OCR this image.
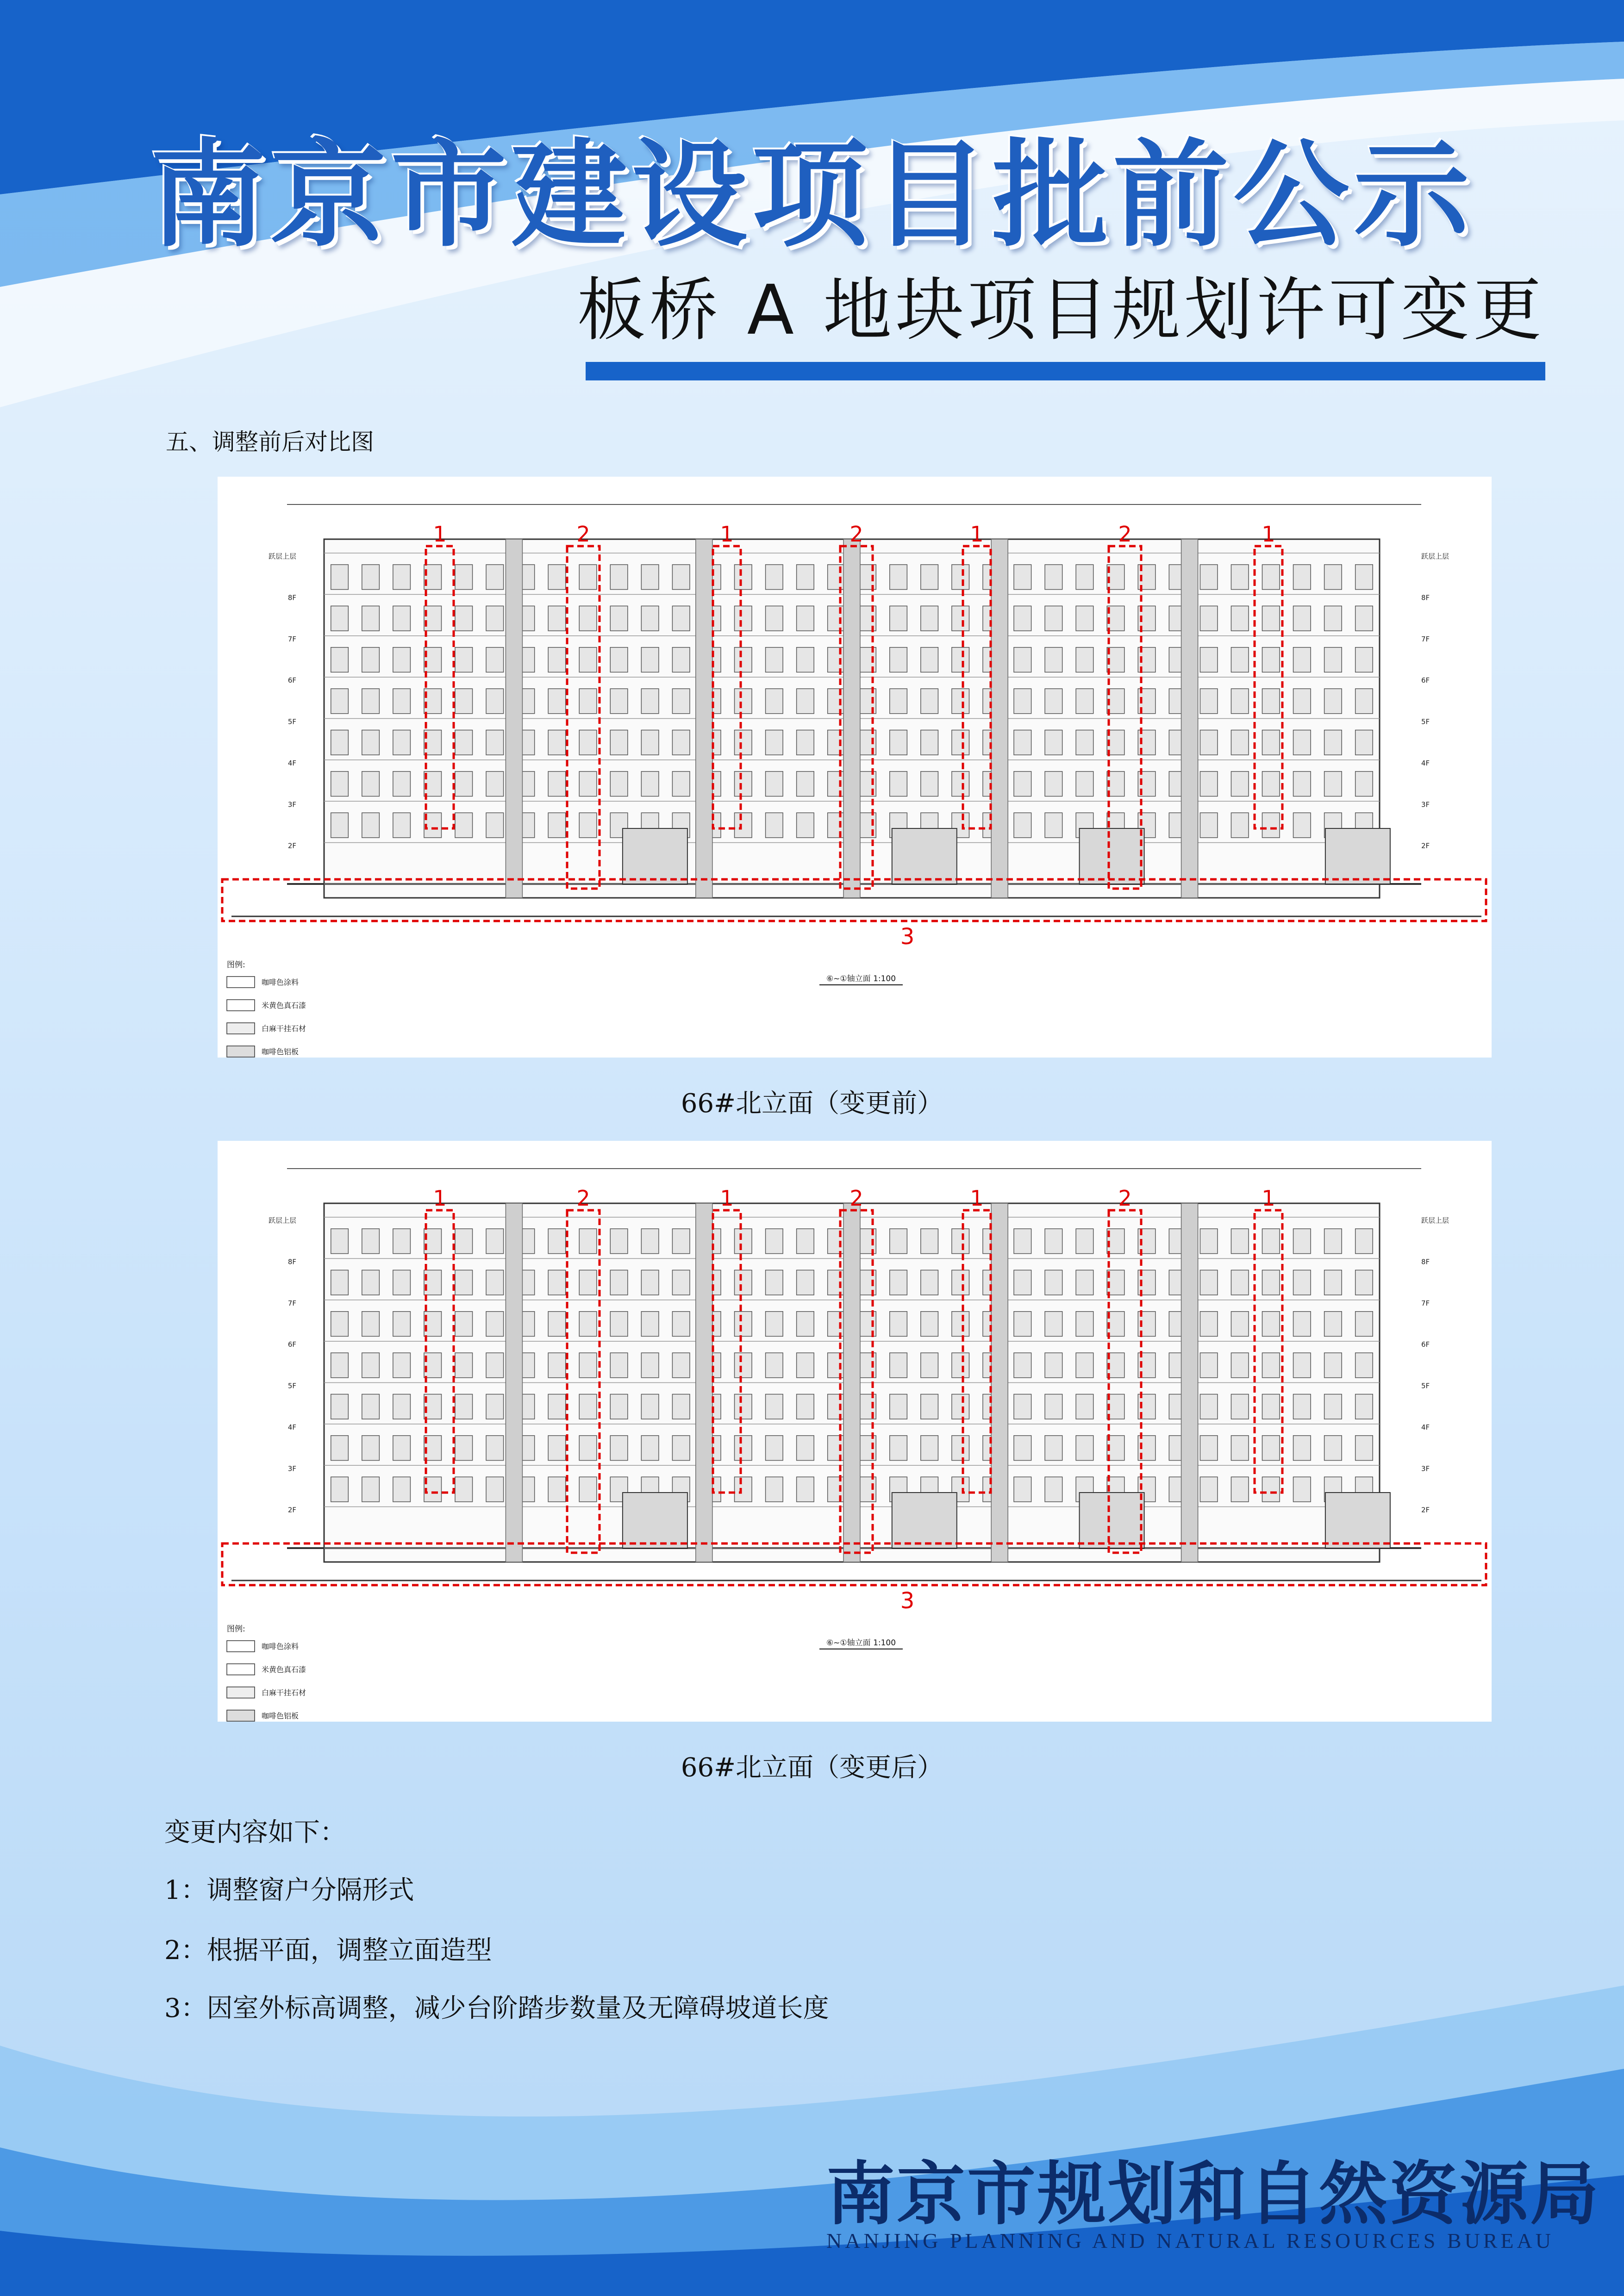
南京市建设项目批前公示
板桥 A 地块项目规划许可变更
五、调整前后对比图
跃层上层	跃层上层
8F	8F
7F	7F
6F	6F
5F	5F
4F	4F
3F	3F
2F	2F
1	2	1	2	1	2	1
3
⑥~①轴立面 1:100
图例:
咖啡色涂料
米黄色真石漆
白麻干挂石材
咖啡色铝板
66#北立面（变更前）
跃层上层	跃层上层
8F	8F
7F	7F
6F	6F
5F	5F
4F	4F
3F	3F
2F	2F
1	2	1	2	1	2	1
3
⑥~①轴立面 1:100
图例:
咖啡色涂料
米黄色真石漆
白麻干挂石材
咖啡色铝板
66#北立面（变更后）
变更内容如下：
1：调整窗户分隔形式
2：根据平面，调整立面造型
3：因室外标高调整，减少台阶踏步数量及无障碍坡道长度
南京市规划和自然资源局
NANJING PLANNING AND NATURAL RESOURCES BUREAU
